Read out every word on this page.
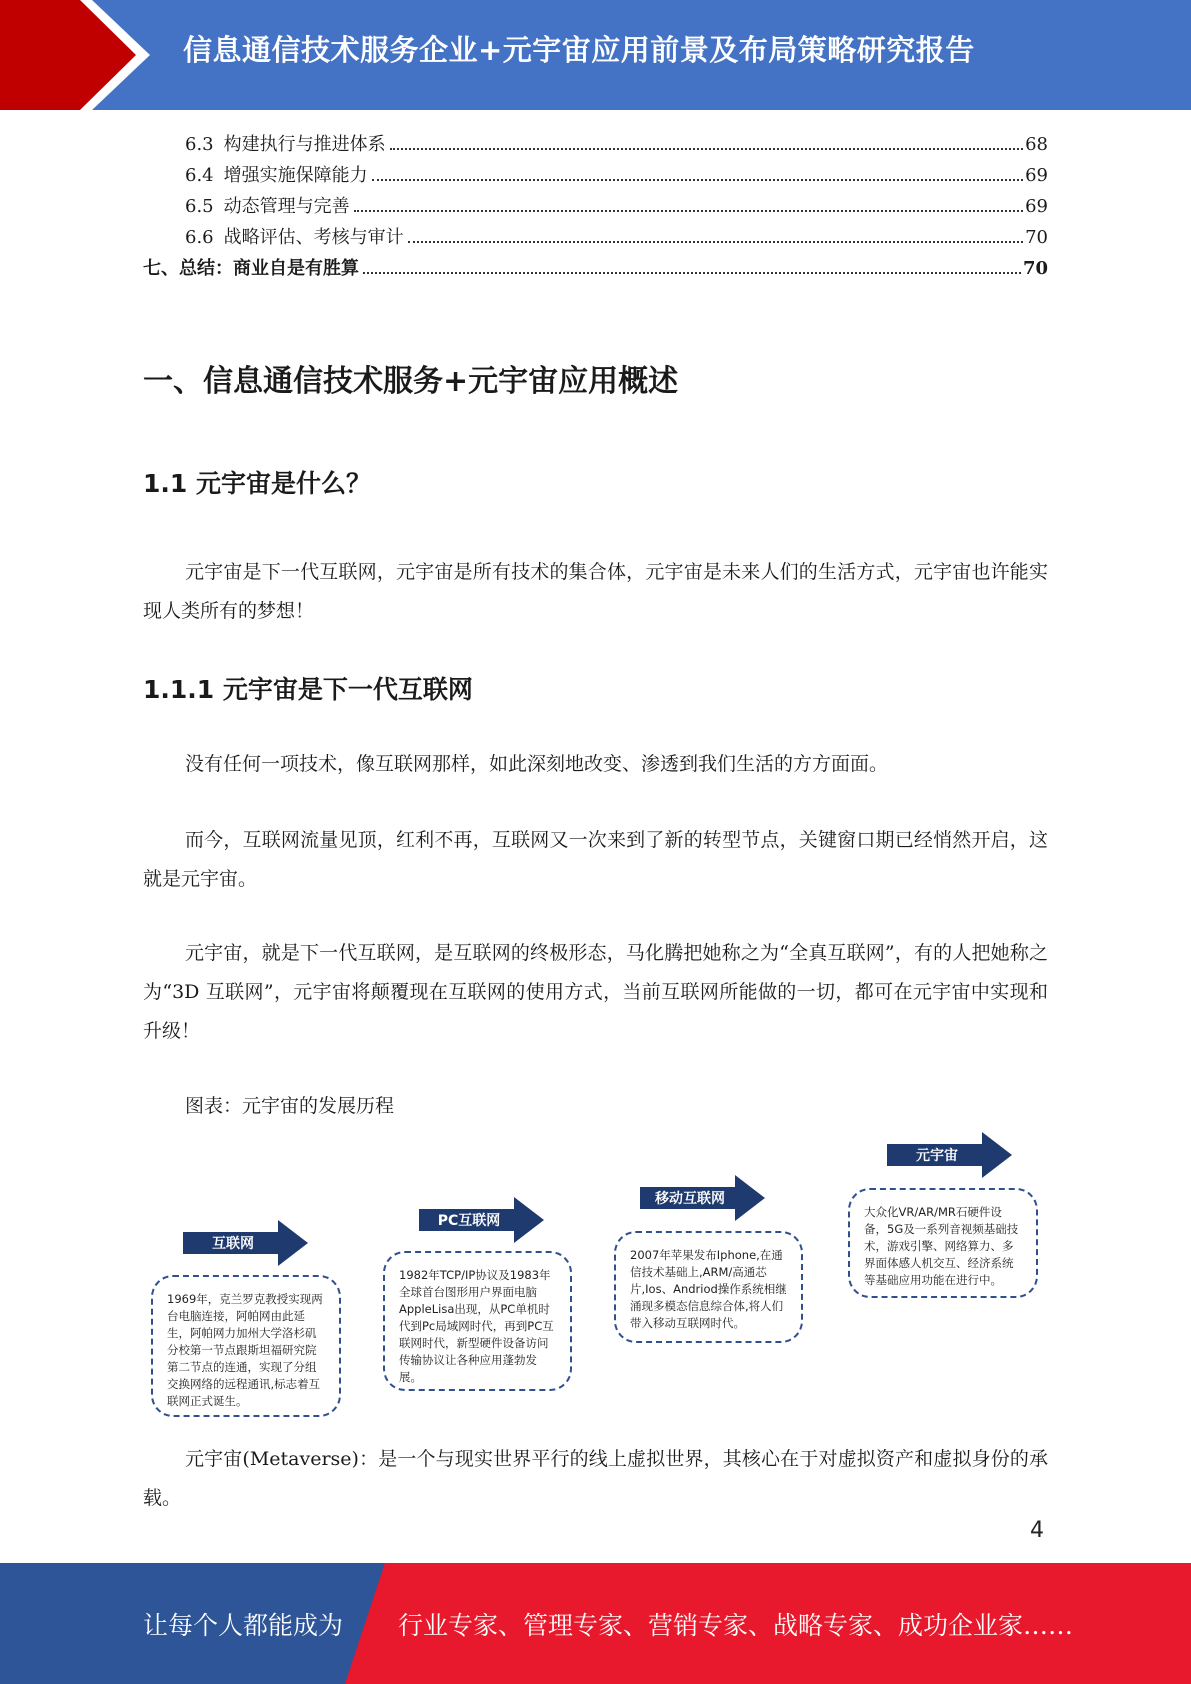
信息通信技术服务企业+元宇宙应用前景及布局策略研究报告
6.3 构建执行与推进体系	68
6.4 增强实施保障能力	69
6.5 动态管理与完善	69
6.6 战略评估、考核与审计	70
七、总结：商业自是有胜算	70
一、信息通信技术服务+元宇宙应用概述
1.1 元宇宙是什么？
元宇宙是下一代互联网，元宇宙是所有技术的集合体，元宇宙是未来人们的生活方式，元宇宙也许能实现人类所有的梦想！
1.1.1 元宇宙是下一代互联网
没有任何一项技术，像互联网那样，如此深刻地改变、渗透到我们生活的方方面面。
而今，互联网流量见顶，红利不再，互联网又一次来到了新的转型节点，关键窗口期已经悄然开启，这就是元宇宙。
元宇宙，就是下一代互联网，是互联网的终极形态，马化腾把她称之为“全真互联网”，有的人把她称之为“3D 互联网”，元宇宙将颠覆现在互联网的使用方式，当前互联网所能做的一切，都可在元宇宙中实现和升级！
图表：元宇宙的发展历程
互联网
1969年，克兰罗克教授实现两台电脑连接，阿帕网由此延生，阿帕网力加州大学洛杉矶分校第一节点跟斯坦福研究院第二节点的连通，实现了分组交换网络的远程通讯,标志着互联网正式诞生。
PC互联网
1982年TCP/IP协议及1983年全球首台图形用户界面电脑AppleLisa出现，从PC单机时代到Pc局域网时代，再到PC互联网时代，新型硬件设备访问传输协议让各种应用蓬勃发展。
移动互联网
2007年苹果发布Iphone,在通信技术基础上,ARM/高通芯片,Ios、Andriod操作系统相继涌现多模态信息综合体,将人们带入移动互联网时代。
元宇宙
大众化VR/AR/MR石硬件设备，5G及一系列音视频基础技术，游戏引擎、网络算力、多界面体感人机交互、经济系统等基础应用功能在进行中。
元宇宙(Metaverse)：是一个与现实世界平行的线上虚拟世界，其核心在于对虚拟资产和虚拟身份的承载。
4
让每个人都能成为 行业专家、管理专家、营销专家、战略专家、成功企业家……
